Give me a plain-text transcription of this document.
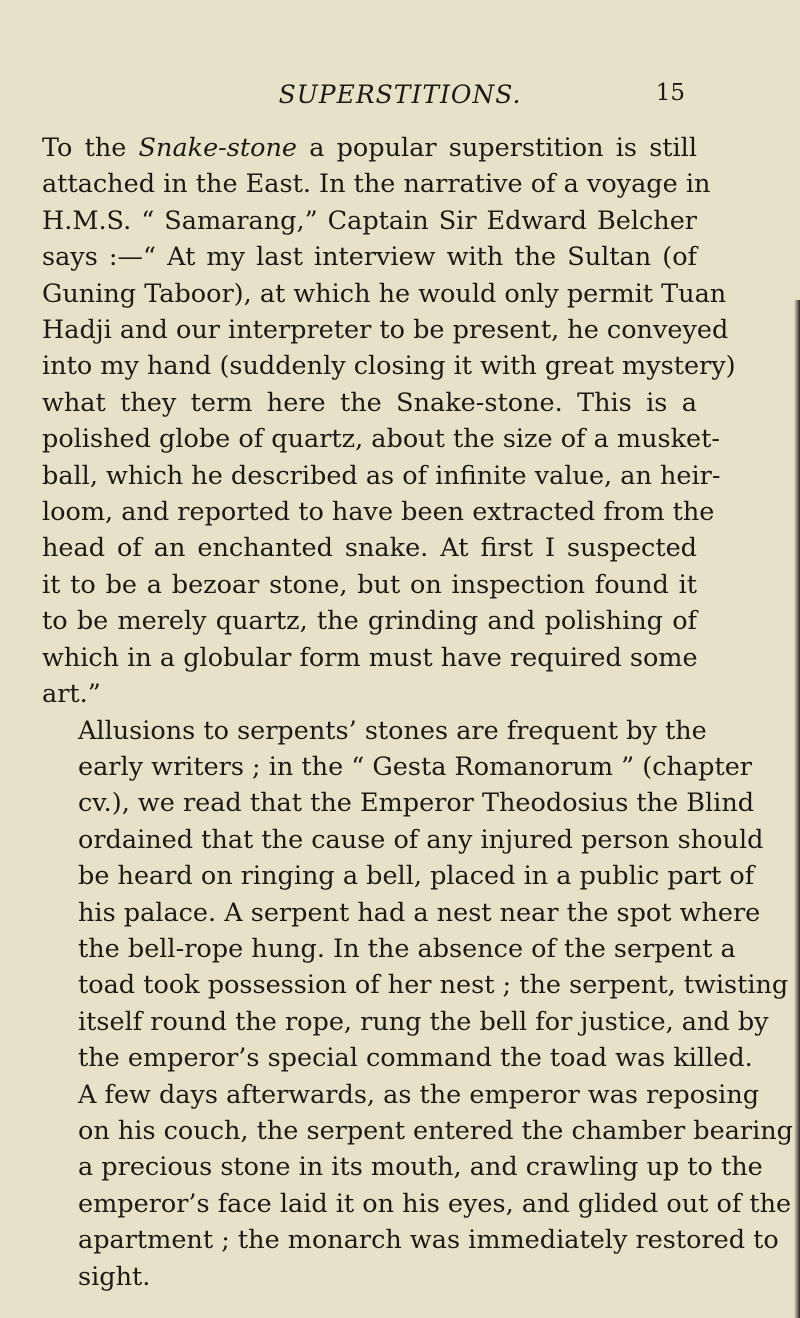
SUPERSTITIONS.	15

To the Snake-stone a popular superstition is still
attached in the East. In the narrative of a voyage in
H.M.S. “ Samarang,” Captain Sir Edward Belcher
says :—“ At my last interview with the Sultan (of
Guning Taboor), at which he would only permit Tuan
Hadji and our interpreter to be present, he conveyed
into my hand (suddenly closing it with great mystery)
what they term here the Snake-stone. This is a
polished globe of quartz, about the size of a musket-
ball, which he described as of infinite value, an heir-
loom, and reported to have been extracted from the
head of an enchanted snake. At first I suspected
it to be a bezoar stone, but on inspection found it
to be merely quartz, the grinding and polishing of
which in a globular form must have required some
art.”

Allusions to serpents’ stones are frequent by the
early writers ; in the “ Gesta Romanorum ” (chapter
cv.), we read that the Emperor Theodosius the Blind
ordained that the cause of any injured person should
be heard on ringing a bell, placed in a public part of
his palace. A serpent had a nest near the spot where
the bell-rope hung. In the absence of the serpent a
toad took possession of her nest ; the serpent, twisting
itself round the rope, rung the bell for justice, and by
the emperor’s special command the toad was killed.
A few days afterwards, as the emperor was reposing
on his couch, the serpent entered the chamber bearing
a precious stone in its mouth, and crawling up to the
emperor’s face laid it on his eyes, and glided out of the
apartment ; the monarch was immediately restored to
sight.
